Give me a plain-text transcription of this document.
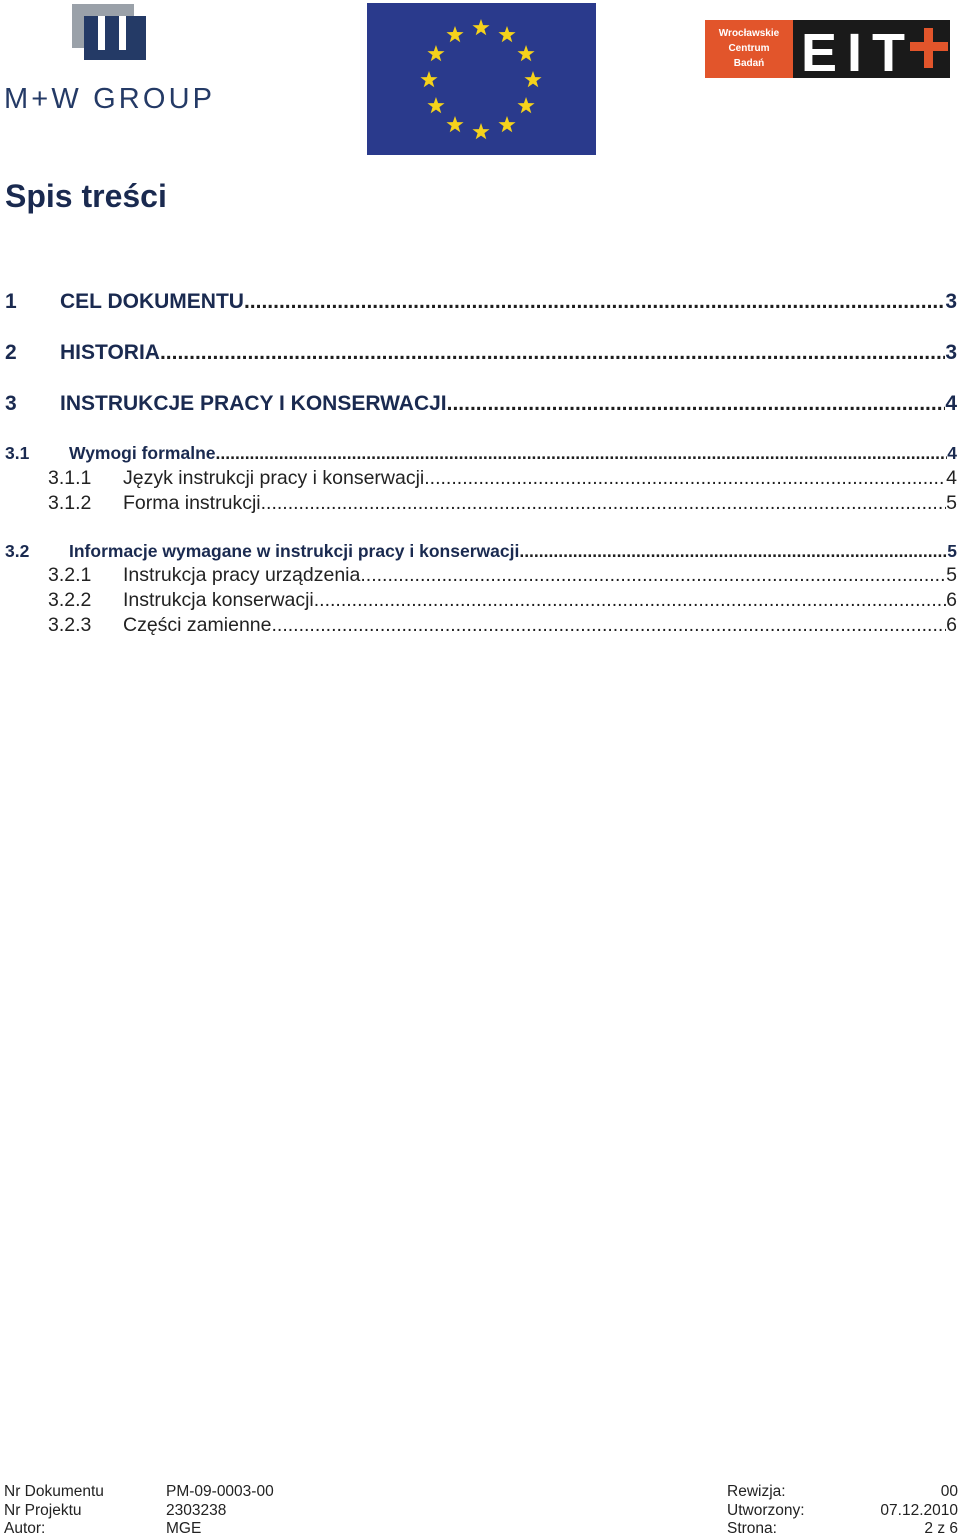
M+W GROUP
Wrocławskie
Centrum
Badań EIT
Spis treści
1	CEL DOKUMENTU .....	3
2	HISTORIA .....	3
3	INSTRUKCJE PRACY I KONSERWACJI .....	4
3.1	Wymogi formalne .....	4
3.1.1	Język instrukcji pracy i konserwacji .....	4
3.1.2	Forma instrukcji .....	5
3.2	Informacje wymagane w instrukcji pracy i konserwacji .....	5
3.2.1	Instrukcja pracy urządzenia .....	5
3.2.2	Instrukcja konserwacji .....	6
3.2.3	Części zamienne .....	6
Nr Dokumentu	PM-09-0003-00	Rewizja:	00
Nr Projektu	2303238	Utworzony:	07.12.2010
Autor:	MGE	Strona:	2 z 6
